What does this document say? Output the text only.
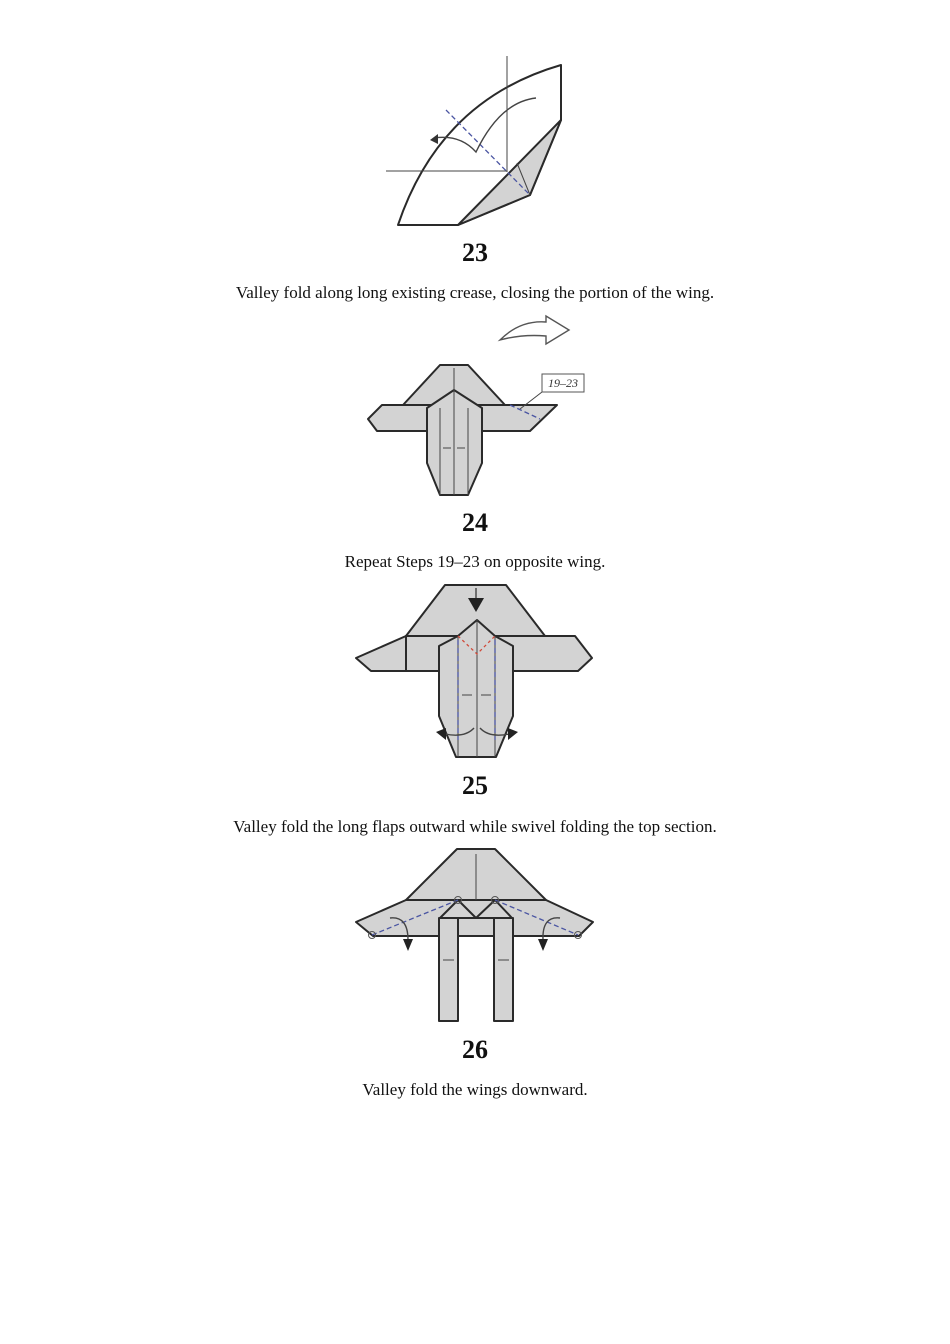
23
Valley fold along long existing crease, closing the portion of the wing.
19–23
24
Repeat Steps 19–23 on opposite wing.
25
Valley fold the long flaps outward while swivel folding the top section.
26
Valley fold the wings downward.
